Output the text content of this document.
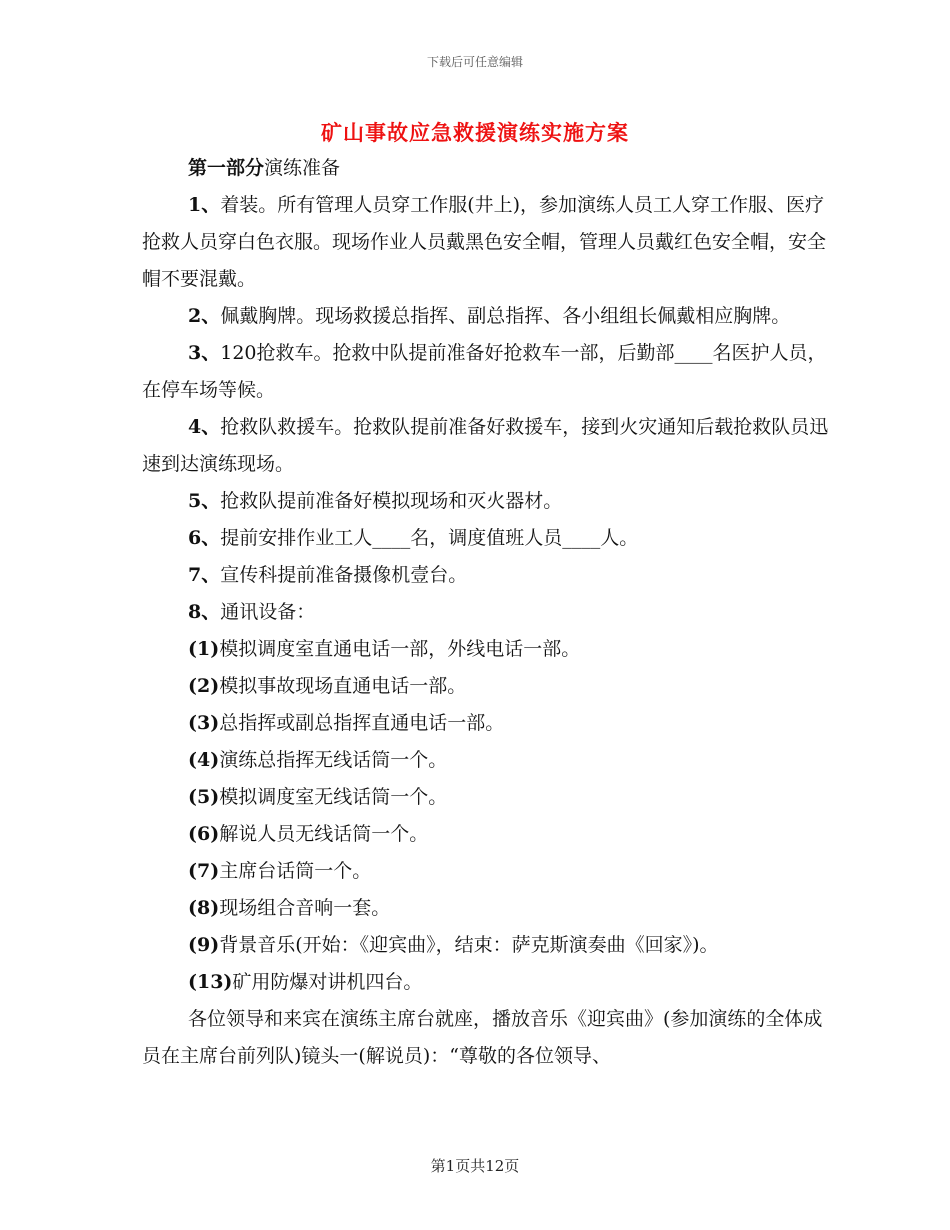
下载后可任意编辑
矿山事故应急救援演练实施方案

第一部分演练准备

1、着装。所有管理人员穿工作服(井上)，参加演练人员工人穿工作服、医疗抢救人员穿白色衣服。现场作业人员戴黑色安全帽，管理人员戴红色安全帽，安全帽不要混戴。

2、佩戴胸牌。现场救援总指挥、副总指挥、各小组组长佩戴相应胸牌。

3、120抢救车。抢救中队提前准备好抢救车一部，后勤部____名医护人员，在停车场等候。

4、抢救队救援车。抢救队提前准备好救援车，接到火灾通知后载抢救队员迅速到达演练现场。

5、抢救队提前准备好模拟现场和灭火器材。

6、提前安排作业工人____名，调度值班人员____人。

7、宣传科提前准备摄像机壹台。

8、通讯设备：

(1)模拟调度室直通电话一部，外线电话一部。

(2)模拟事故现场直通电话一部。

(3)总指挥或副总指挥直通电话一部。

(4)演练总指挥无线话筒一个。

(5)模拟调度室无线话筒一个。

(6)解说人员无线话筒一个。

(7)主席台话筒一个。

(8)现场组合音响一套。

(9)背景音乐(开始：《迎宾曲》，结束：萨克斯演奏曲《回家》)。

(13)矿用防爆对讲机四台。

各位领导和来宾在演练主席台就座，播放音乐《迎宾曲》(参加演练的全体成员在主席台前列队)镜头一(解说员)：“尊敬的各位领导、

第1页共12页
